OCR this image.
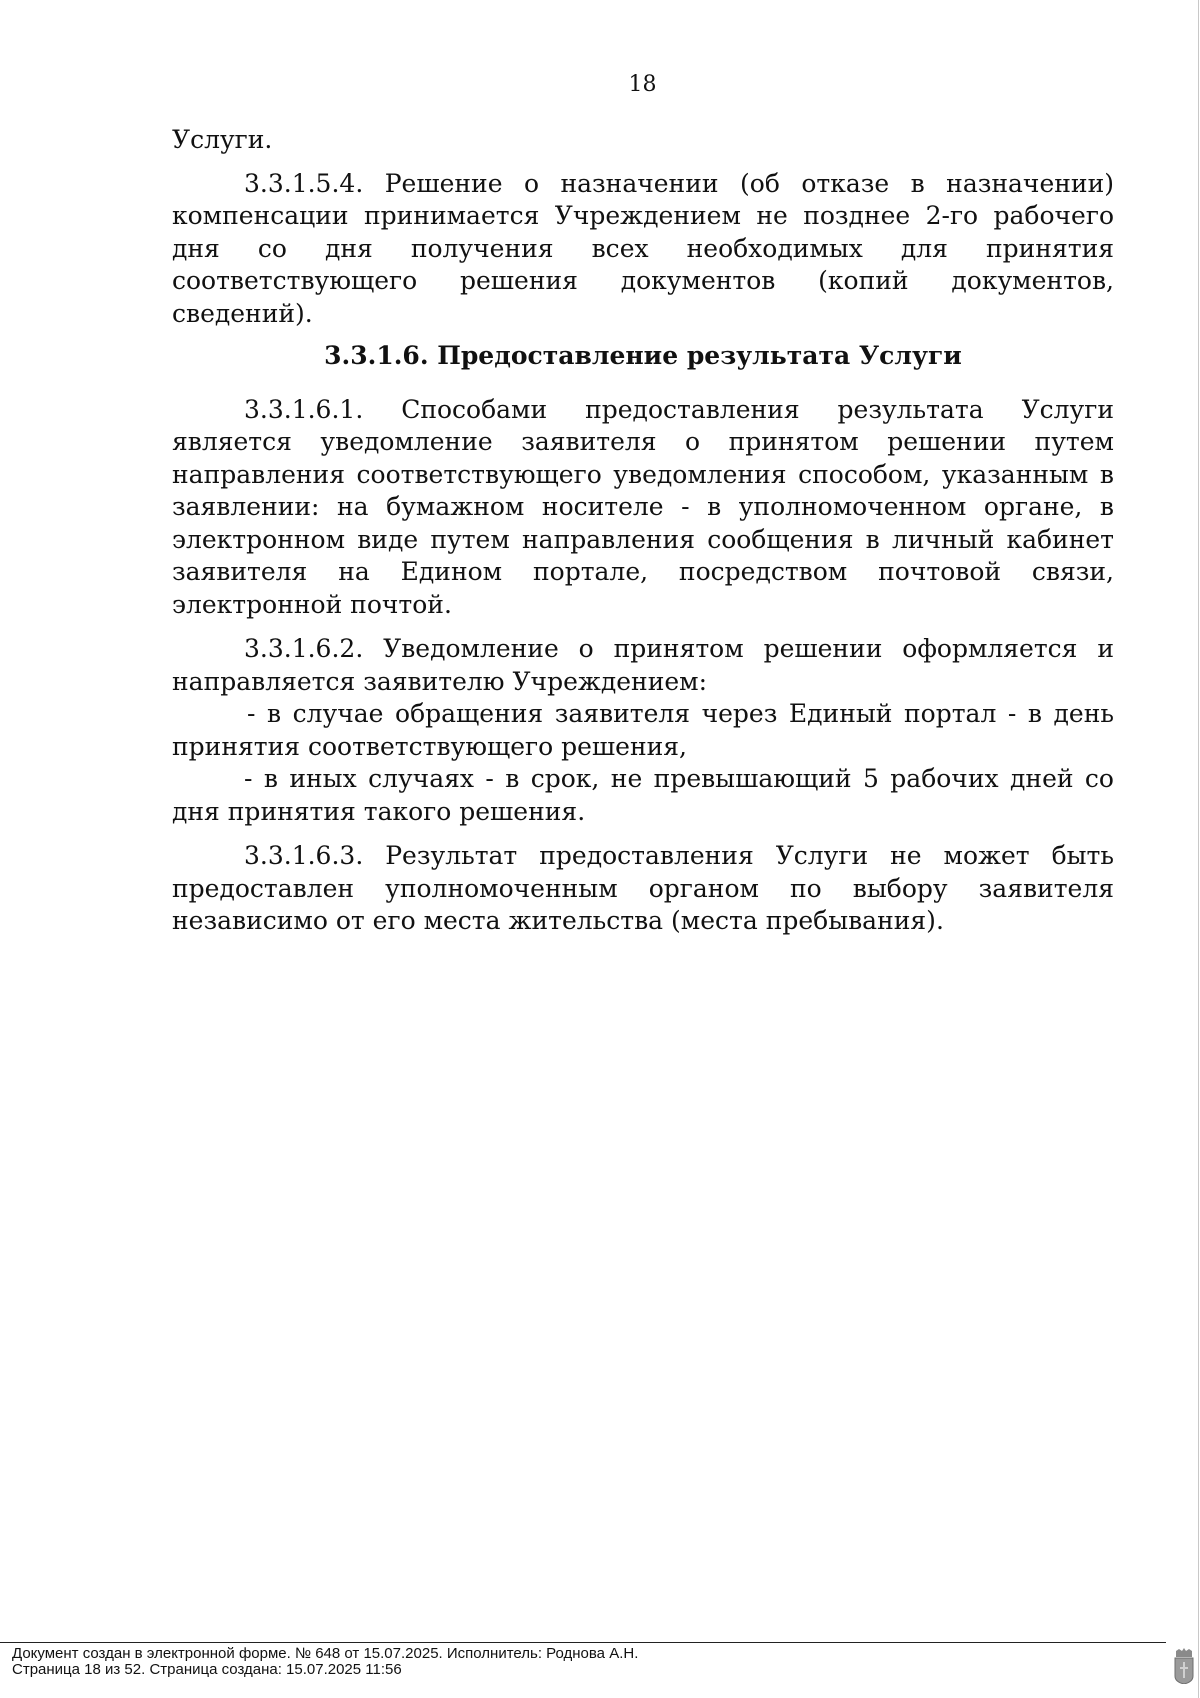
18

Услуги.

3.3.1.5.4. Решение о назначении (об отказе в назначении) компенсации принимается Учреждением не позднее 2-го рабочего дня со дня получения всех необходимых для принятия соответствующего решения документов (копий документов, сведений).

3.3.1.6. Предоставление результата Услуги

3.3.1.6.1. Способами предоставления результата Услуги является уведомление заявителя о принятом решении путем направления соответствующего уведомления способом, указанным в заявлении: на бумажном носителе - в уполномоченном органе, в электронном виде путем направления сообщения в личный кабинет заявителя на Едином портале, посредством почтовой связи, электронной почтой.

3.3.1.6.2. Уведомление о принятом решении оформляется и направляется заявителю Учреждением:

- в случае обращения заявителя через Единый портал - в день принятия соответствующего решения,

- в иных случаях - в срок, не превышающий 5 рабочих дней со дня принятия такого решения.

3.3.1.6.3. Результат предоставления Услуги не может быть предоставлен уполномоченным органом по выбору заявителя независимо от его места жительства (места пребывания).

Документ создан в электронной форме. № 648 от 15.07.2025. Исполнитель: Роднова А.Н.
Страница 18 из 52. Страница создана: 15.07.2025 11:56
